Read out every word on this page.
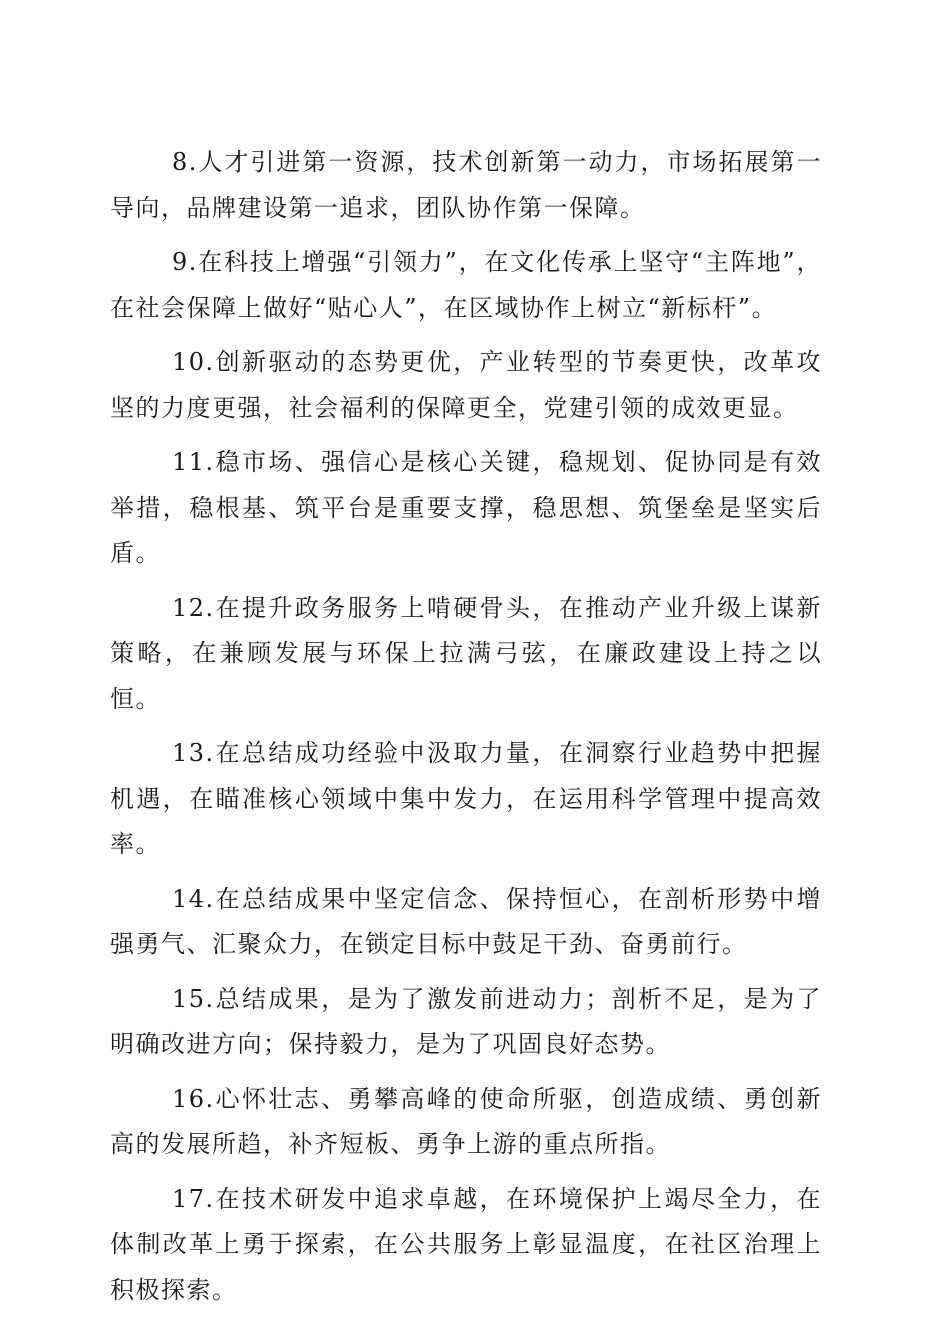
8.人才引进第一资源，技术创新第一动力，市场拓展第一导向，品牌建设第一追求，团队协作第一保障。

9.在科技上增强“引领力”，在文化传承上坚守“主阵地”，在社会保障上做好“贴心人”，在区域协作上树立“新标杆”。

10.创新驱动的态势更优，产业转型的节奏更快，改革攻坚的力度更强，社会福利的保障更全，党建引领的成效更显。

11.稳市场、强信心是核心关键，稳规划、促协同是有效举措，稳根基、筑平台是重要支撑，稳思想、筑堡垒是坚实后盾。

12.在提升政务服务上啃硬骨头，在推动产业升级上谋新策略，在兼顾发展与环保上拉满弓弦，在廉政建设上持之以恒。

13.在总结成功经验中汲取力量，在洞察行业趋势中把握机遇，在瞄准核心领域中集中发力，在运用科学管理中提高效率。

14.在总结成果中坚定信念、保持恒心，在剖析形势中增强勇气、汇聚众力，在锁定目标中鼓足干劲、奋勇前行。

15.总结成果，是为了激发前进动力；剖析不足，是为了明确改进方向；保持毅力，是为了巩固良好态势。

16.心怀壮志、勇攀高峰的使命所驱，创造成绩、勇创新高的发展所趋，补齐短板、勇争上游的重点所指。

17.在技术研发中追求卓越，在环境保护上竭尽全力，在体制改革上勇于探索，在公共服务上彰显温度，在社区治理上积极探索。
